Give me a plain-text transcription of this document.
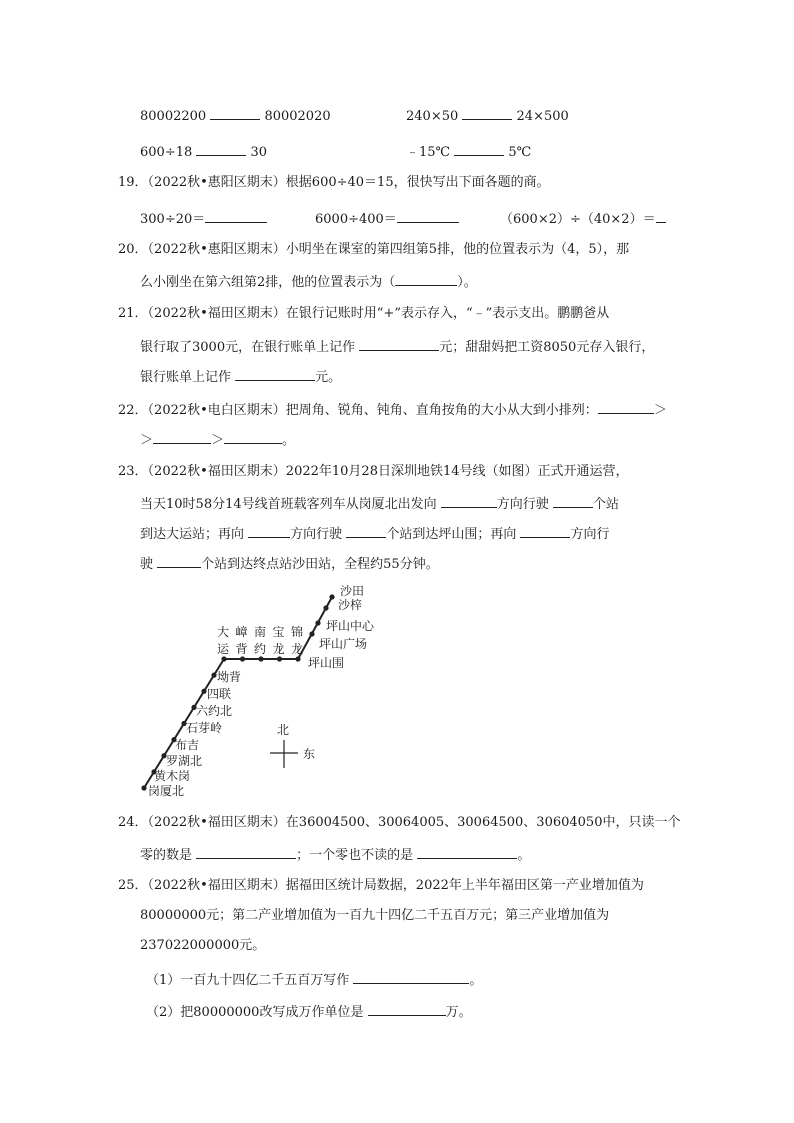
80002200	80002020	240×50	24×500
600÷18	30	﹣15℃	5℃
19．（2022秋•惠阳区期末）根据600÷40＝15，很快写出下面各题的商。
300÷20＝	6000÷400＝	（600×2）÷（40×2）＝
20．（2022秋•惠阳区期末）小明坐在课室的第四组第5排，他的位置表示为（4，5），那
么小刚坐在第六组第2排，他的位置表示为（	）。
21．（2022秋•福田区期末）在银行记账时用“+”表示存入，“﹣”表示支出。鹏鹏爸从
银行取了3000元，在银行账单上记作	元；甜甜妈把工资8050元存入银行，
银行账单上记作	元。
22．（2022秋•电白区期末）把周角、锐角、钝角、直角按角的大小从大到小排列：	＞
＞	＞	。
23．（2022秋•福田区期末）2022年10月28日深圳地铁14号线（如图）正式开通运营，
当天10时58分14号线首班载客列车从岗厦北出发向	方向行驶	个站
到达大运站；再向	方向行驶	个站到达坪山围；再向	方向行
驶	个站到达终点站沙田站，全程约55分钟。
岗厦北
黄木岗
罗湖北
布吉
石芽岭
六约北
四联
坳背
坪山围
坪山广场
坪山中心
沙梓
沙田
北
东
大运
嶂背
南约
宝龙
锦龙
24．（2022秋•福田区期末）在36004500、30064005、30064500、30604050中，只读一个
零的数是	；一个零也不读的是	。
25．（2022秋•福田区期末）据福田区统计局数据，2022年上半年福田区第一产业增加值为
80000000元；第二产业增加值为一百九十四亿二千五百万元；第三产业增加值为
237022000000元。
（1）一百九十四亿二千五百万写作	。
（2）把80000000改写成万作单位是	万。
